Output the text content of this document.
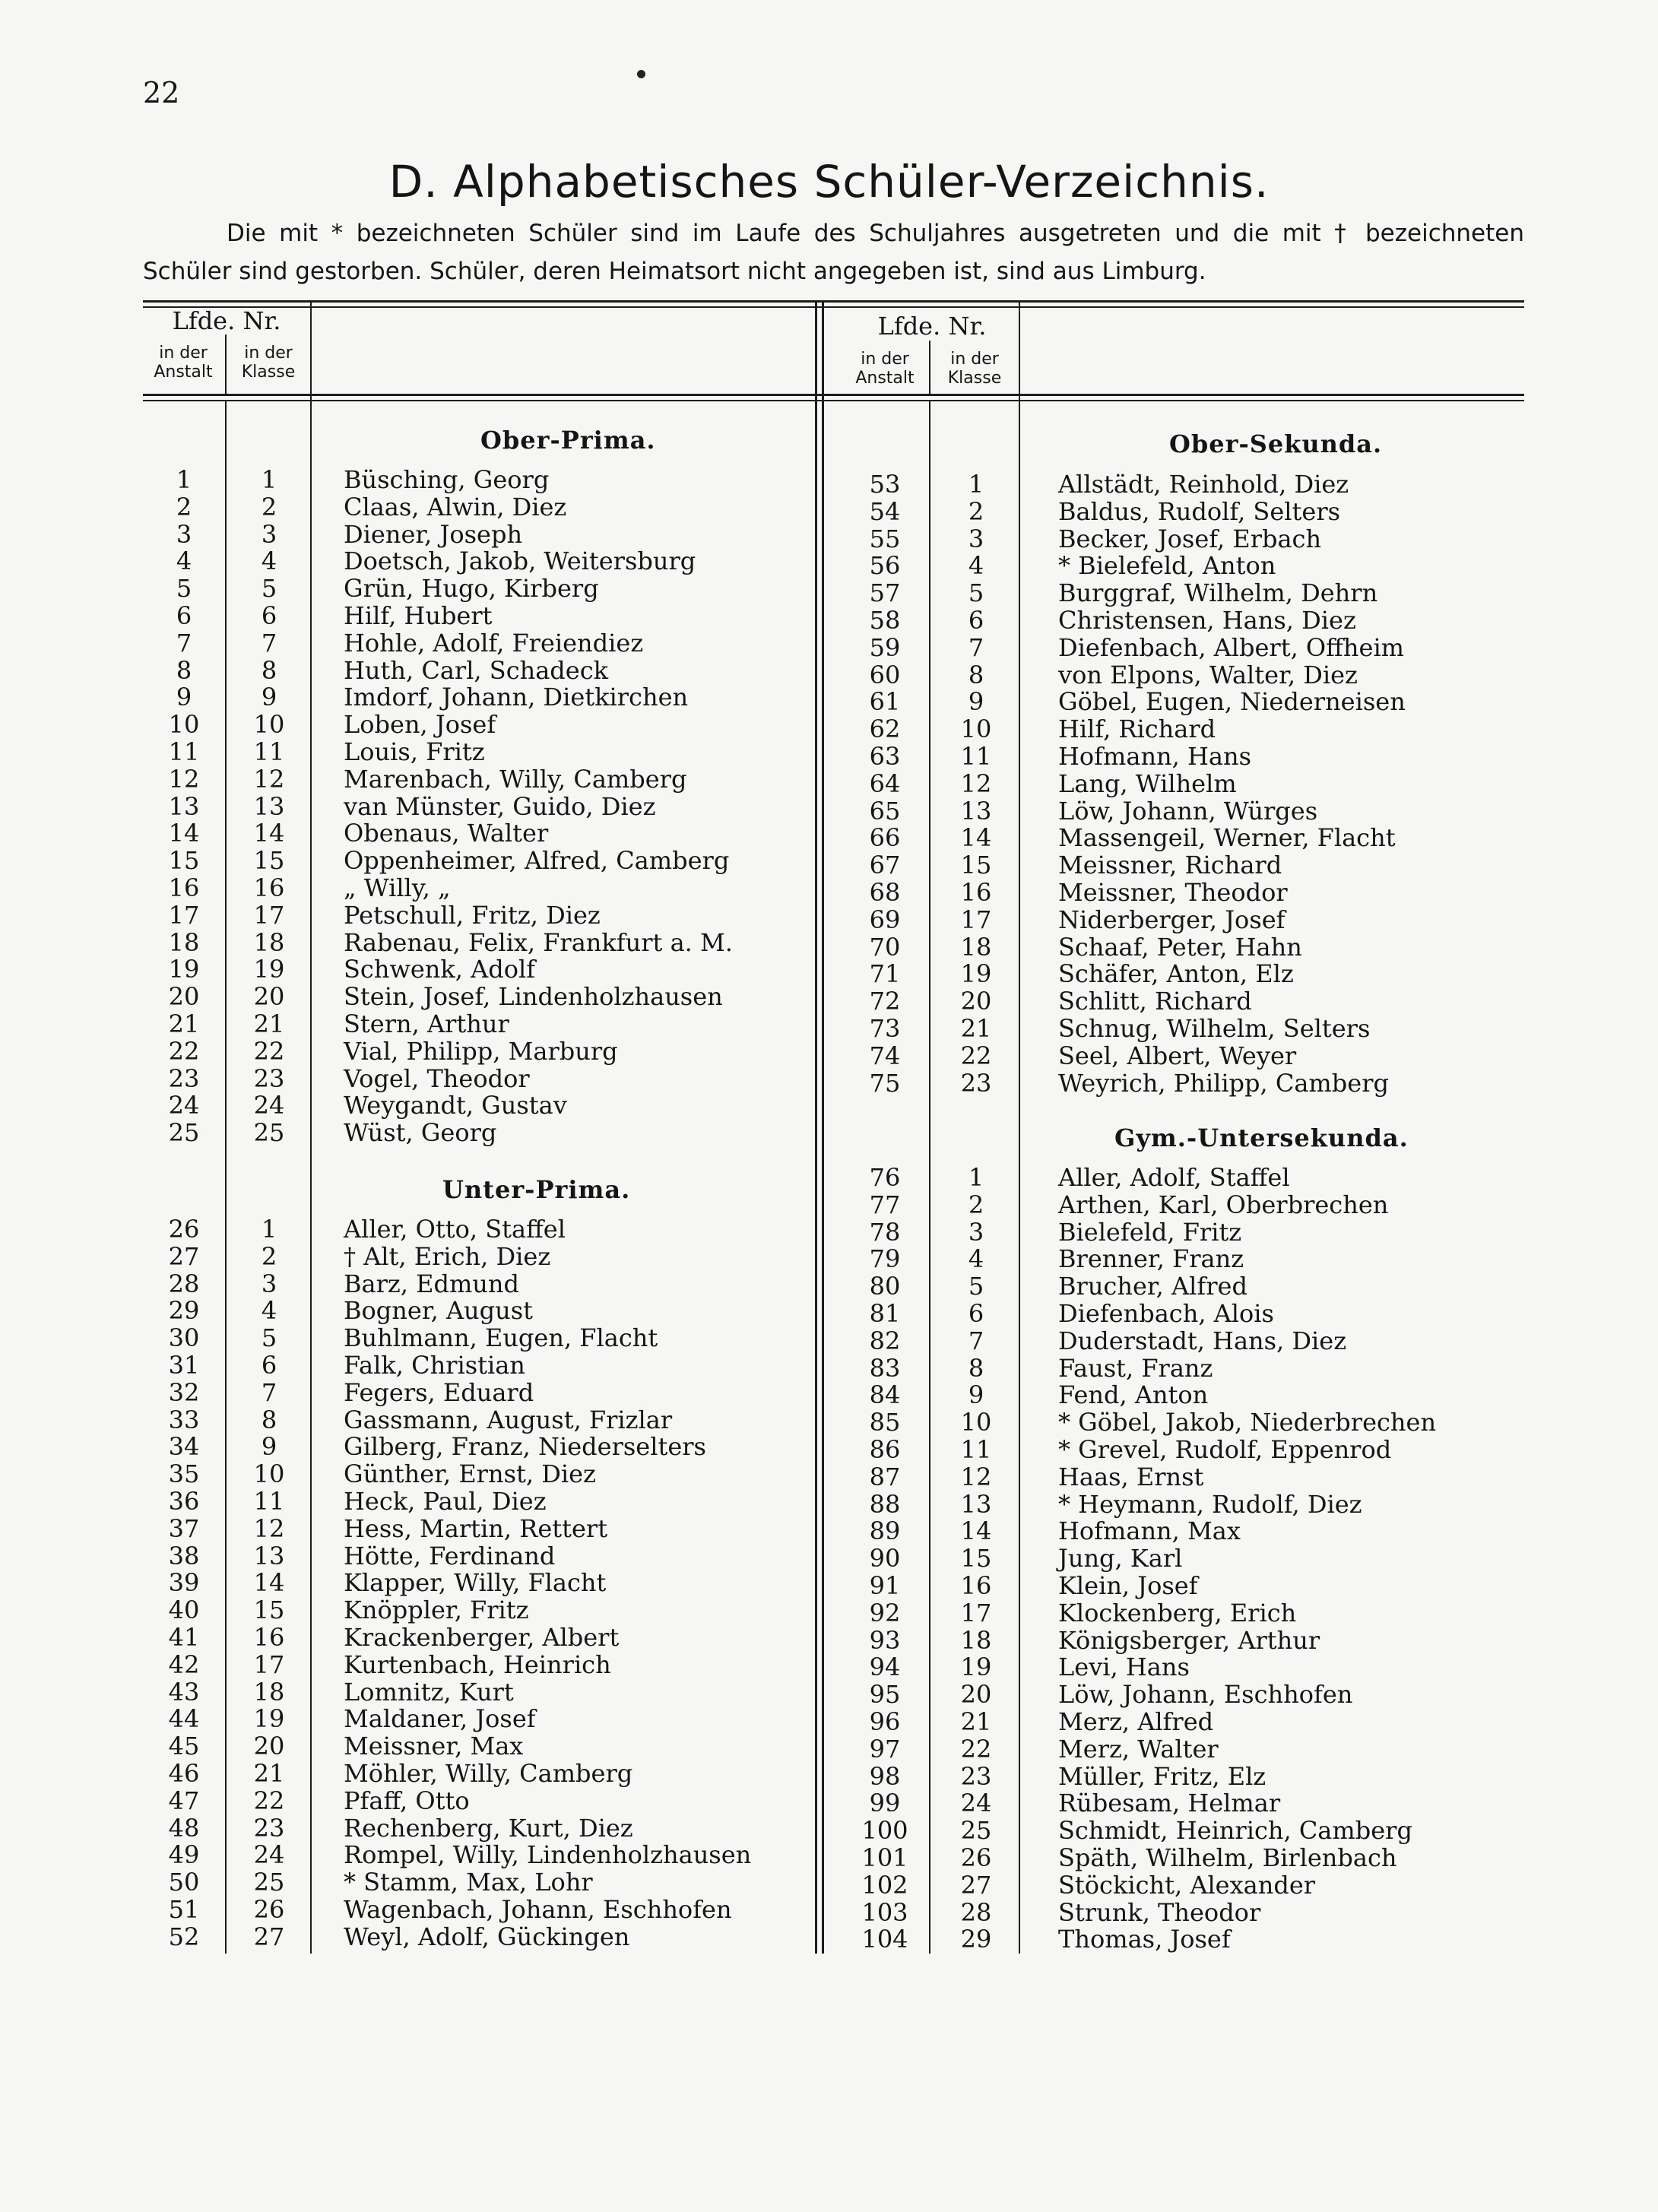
22
D. Alphabetisches Schüler-Verzeichnis.
Die mit * bezeichneten Schüler sind im Laufe des Schuljahres ausgetreten und die mit † bezeichneten Schüler sind gestorben. Schüler, deren Heimatsort nicht angegeben ist, sind aus Limburg.
Lfde. Nr.
in der Anstalt
in der Klasse
Lfde. Nr.
in der Anstalt
in der Klasse
Ober-Prima.
1	1	Büsching, Georg
2	2	Claas, Alwin, Diez
3	3	Diener, Joseph
4	4	Doetsch, Jakob, Weitersburg
5	5	Grün, Hugo, Kirberg
6	6	Hilf, Hubert
7	7	Hohle, Adolf, Freiendiez
8	8	Huth, Carl, Schadeck
9	9	Imdorf, Johann, Dietkirchen
10	10	Loben, Josef
11	11	Louis, Fritz
12	12	Marenbach, Willy, Camberg
13	13	van Münster, Guido, Diez
14	14	Obenaus, Walter
15	15	Oppenheimer, Alfred, Camberg
16	16	„ Willy, „
17	17	Petschull, Fritz, Diez
18	18	Rabenau, Felix, Frankfurt a. M.
19	19	Schwenk, Adolf
20	20	Stein, Josef, Lindenholzhausen
21	21	Stern, Arthur
22	22	Vial, Philipp, Marburg
23	23	Vogel, Theodor
24	24	Weygandt, Gustav
25	25	Wüst, Georg
Unter-Prima.
26	1	Aller, Otto, Staffel
27	2	† Alt, Erich, Diez
28	3	Barz, Edmund
29	4	Bogner, August
30	5	Buhlmann, Eugen, Flacht
31	6	Falk, Christian
32	7	Fegers, Eduard
33	8	Gassmann, August, Frizlar
34	9	Gilberg, Franz, Niederselters
35	10	Günther, Ernst, Diez
36	11	Heck, Paul, Diez
37	12	Hess, Martin, Rettert
38	13	Hötte, Ferdinand
39	14	Klapper, Willy, Flacht
40	15	Knöppler, Fritz
41	16	Krackenberger, Albert
42	17	Kurtenbach, Heinrich
43	18	Lomnitz, Kurt
44	19	Maldaner, Josef
45	20	Meissner, Max
46	21	Möhler, Willy, Camberg
47	22	Pfaff, Otto
48	23	Rechenberg, Kurt, Diez
49	24	Rompel, Willy, Lindenholzhausen
50	25	* Stamm, Max, Lohr
51	26	Wagenbach, Johann, Eschhofen
52	27	Weyl, Adolf, Gückingen
Ober-Sekunda.
53	1	Allstädt, Reinhold, Diez
54	2	Baldus, Rudolf, Selters
55	3	Becker, Josef, Erbach
56	4	* Bielefeld, Anton
57	5	Burggraf, Wilhelm, Dehrn
58	6	Christensen, Hans, Diez
59	7	Diefenbach, Albert, Offheim
60	8	von Elpons, Walter, Diez
61	9	Göbel, Eugen, Niederneisen
62	10	Hilf, Richard
63	11	Hofmann, Hans
64	12	Lang, Wilhelm
65	13	Löw, Johann, Würges
66	14	Massengeil, Werner, Flacht
67	15	Meissner, Richard
68	16	Meissner, Theodor
69	17	Niderberger, Josef
70	18	Schaaf, Peter, Hahn
71	19	Schäfer, Anton, Elz
72	20	Schlitt, Richard
73	21	Schnug, Wilhelm, Selters
74	22	Seel, Albert, Weyer
75	23	Weyrich, Philipp, Camberg
Gym.-Untersekunda.
76	1	Aller, Adolf, Staffel
77	2	Arthen, Karl, Oberbrechen
78	3	Bielefeld, Fritz
79	4	Brenner, Franz
80	5	Brucher, Alfred
81	6	Diefenbach, Alois
82	7	Duderstadt, Hans, Diez
83	8	Faust, Franz
84	9	Fend, Anton
85	10	* Göbel, Jakob, Niederbrechen
86	11	* Grevel, Rudolf, Eppenrod
87	12	Haas, Ernst
88	13	* Heymann, Rudolf, Diez
89	14	Hofmann, Max
90	15	Jung, Karl
91	16	Klein, Josef
92	17	Klockenberg, Erich
93	18	Königsberger, Arthur
94	19	Levi, Hans
95	20	Löw, Johann, Eschhofen
96	21	Merz, Alfred
97	22	Merz, Walter
98	23	Müller, Fritz, Elz
99	24	Rübesam, Helmar
100	25	Schmidt, Heinrich, Camberg
101	26	Späth, Wilhelm, Birlenbach
102	27	Stöckicht, Alexander
103	28	Strunk, Theodor
104	29	Thomas, Josef
